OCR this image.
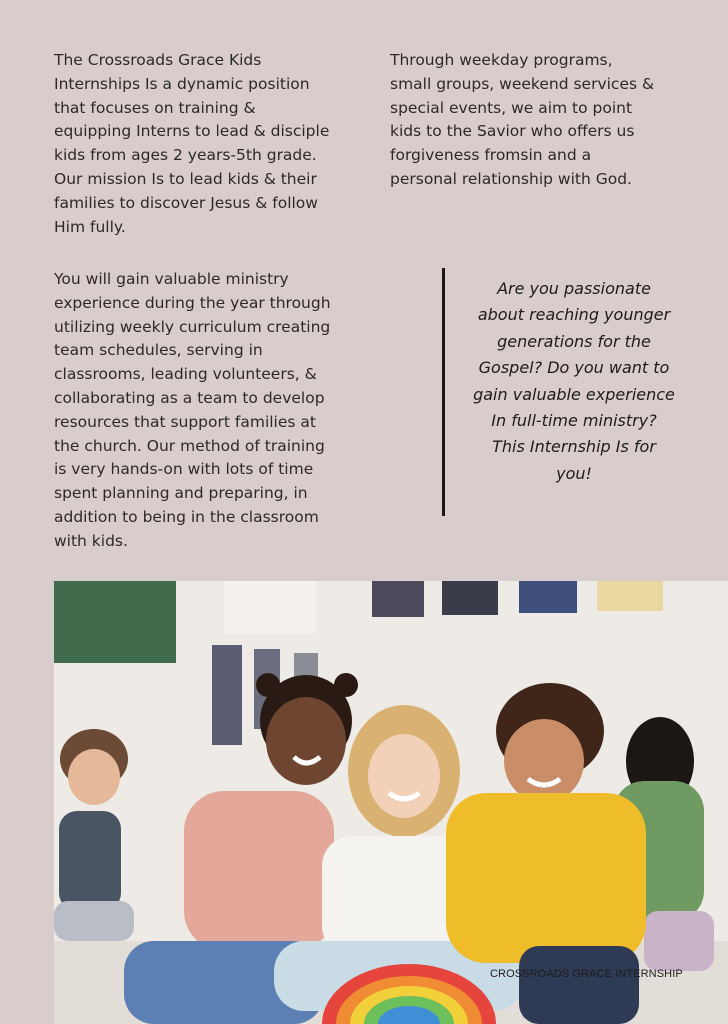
The Crossroads Grace Kids
Internships Is a dynamic position
that focuses on training &
equipping Interns to lead & disciple
kids from ages 2 years-5th grade.
Our mission Is to lead kids & their
families to discover Jesus & follow
Him fully.

Through weekday programs,
small groups, weekend services &
special events, we aim to point
kids to the Savior who offers us
forgiveness fromsin and a
personal relationship with God.

You will gain valuable ministry
experience during the year through
utilizing weekly curriculum creating
team schedules, serving in
classrooms, leading volunteers, &
collaborating as a team to develop
resources that support families at
the church. Our method of training
is very hands-on with lots of time
spent planning and preparing, in
addition to being in the classroom
with kids.

Are you passionate
about reaching younger
generations for the
Gospel? Do you want to
gain valuable experience
In full-time ministry?
This Internship Is for
you!

CROSSROADS GRACE INTERNSHIP
